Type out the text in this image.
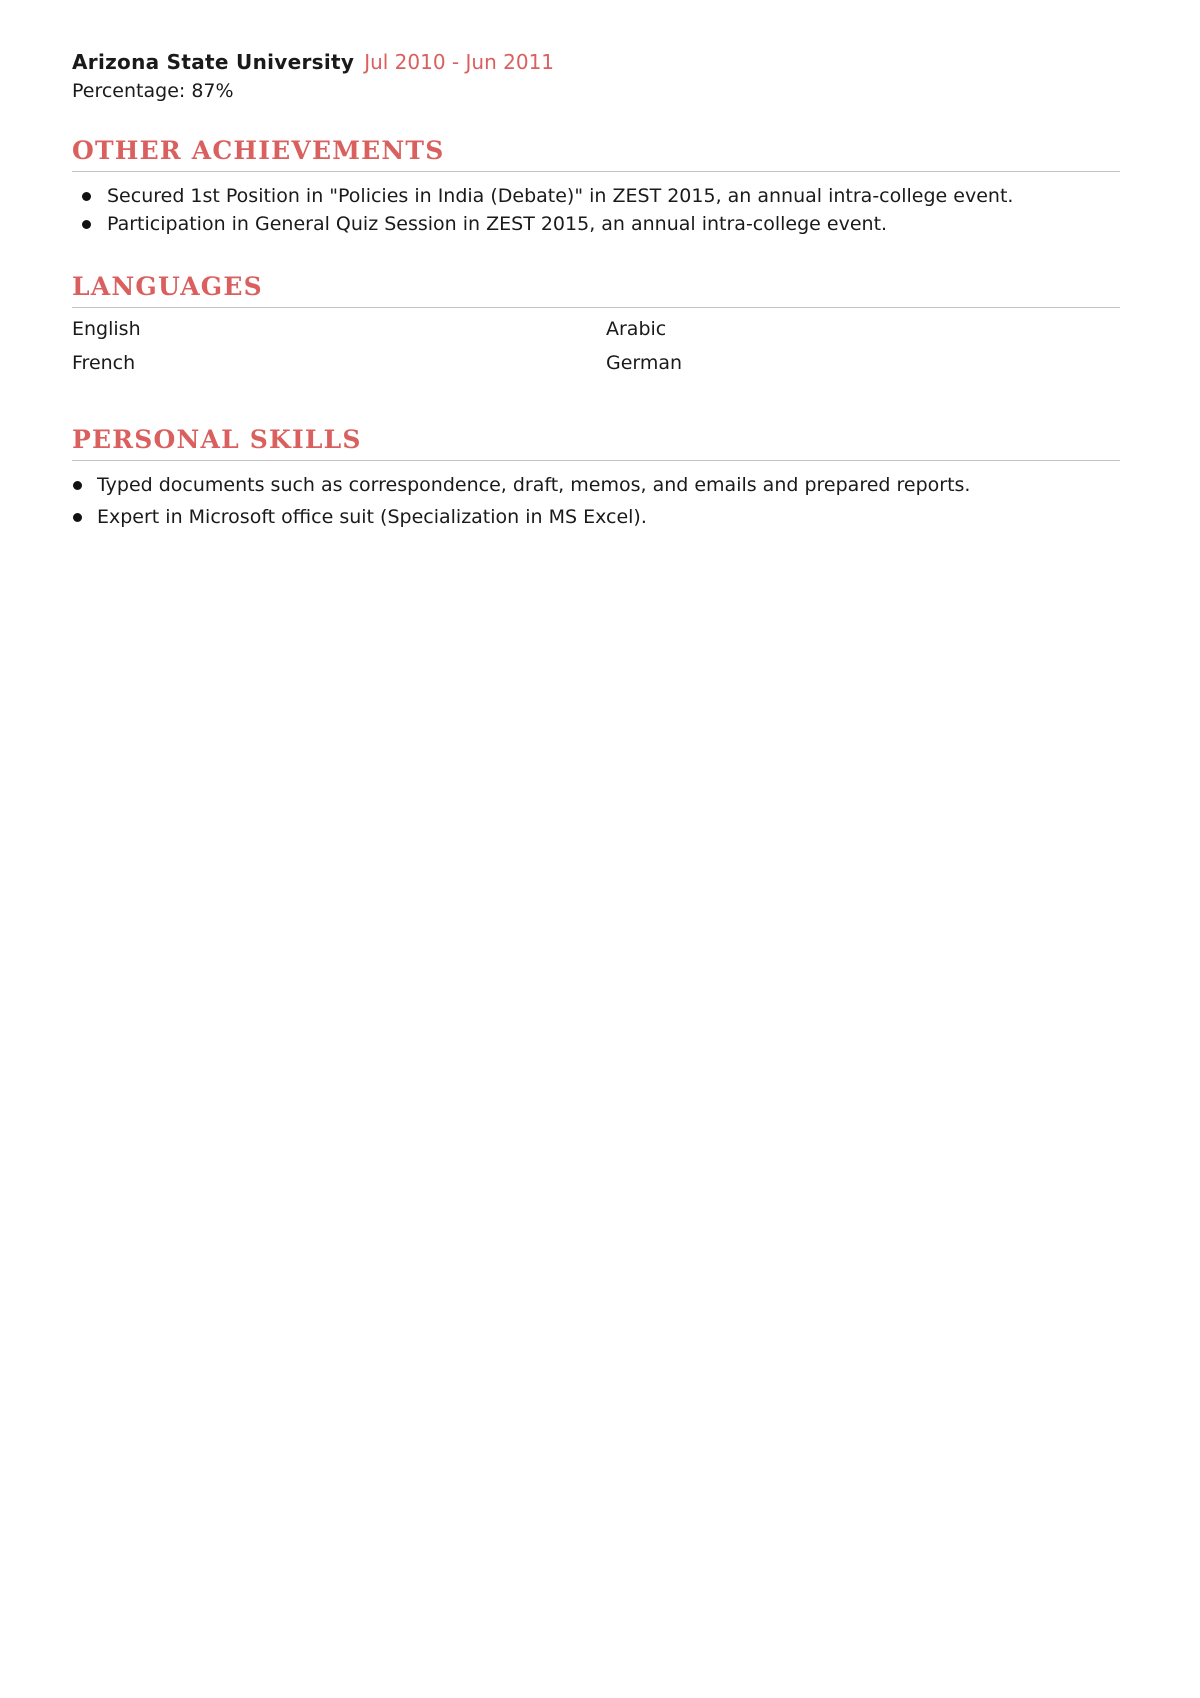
Arizona State University Jul 2010 - Jun 2011
Percentage: 87%
OTHER ACHIEVEMENTS
Secured 1st Position in "Policies in India (Debate)" in ZEST 2015, an annual intra-college event.
Participation in General Quiz Session in ZEST 2015, an annual intra-college event.
LANGUAGES
English	Arabic
French	German
PERSONAL SKILLS
Typed documents such as correspondence, draft, memos, and emails and prepared reports.
Expert in Microsoft office suit (Specialization in MS Excel).
